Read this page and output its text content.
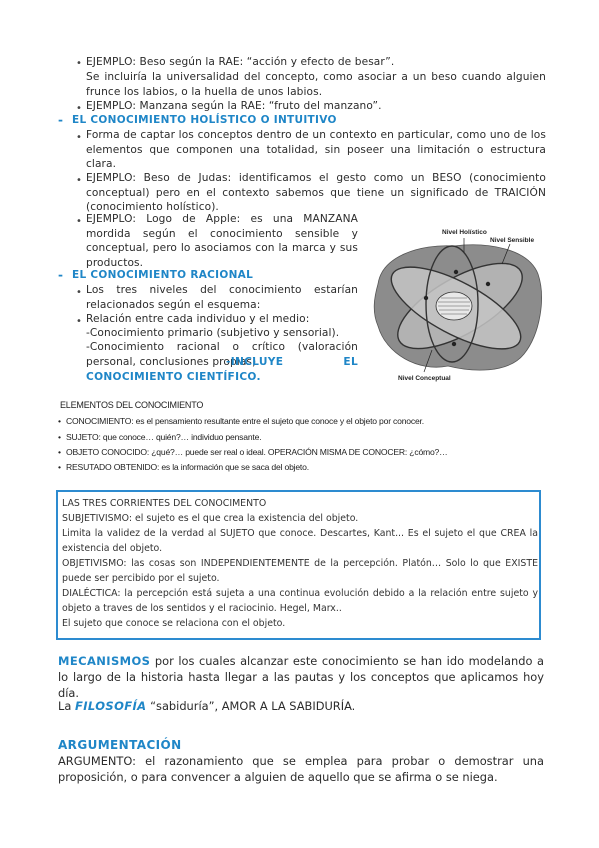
• EJEMPLO: Beso según la RAE: “acción y efecto de besar”.
Se incluiría la universalidad del concepto, como asociar a un beso cuando alguien frunce los labios, o la huella de unos labios.
• EJEMPLO: Manzana según la RAE: “fruto del manzano”.
- EL CONOCIMIENTO HOLÍSTICO O INTUITIVO
• Forma de captar los conceptos dentro de un contexto en particular, como uno de los elementos que componen una totalidad, sin poseer una limitación o estructura clara.
• EJEMPLO: Beso de Judas: identificamos el gesto como un BESO (conocimiento conceptual) pero en el contexto sabemos que tiene un significado de TRAICIÓN (conocimiento holístico).
• EJEMPLO: Logo de Apple: es una MANZANA mordida según el conocimiento sensible y conceptual, pero lo asociamos con la marca y sus productos.
- EL CONOCIMIENTO RACIONAL
• Los tres niveles del conocimiento estarían relacionados según el esquema:
• Relación entre cada individuo y el medio:
-Conocimiento primario (subjetivo y sensorial).
-Conocimiento racional o crítico (valoración personal, conclusiones propias).
-INCLUYE EL CONOCIMIENTO CIENTÍFICO.
Nivel Holístico
Nivel Sensible
Nivel Conceptual
ELEMENTOS DEL CONOCIMIENTO
• CONOCIMIENTO: es el pensamiento resultante entre el sujeto que conoce y el objeto por conocer.
• SUJETO: que conoce… quién?… individuo pensante.
• OBJETO CONOCIDO: ¿qué?… puede ser real o ideal. OPERACIÓN MISMA DE CONOCER: ¿cómo?…
• RESUTADO OBTENIDO: es la información que se saca del objeto.
LAS TRES CORRIENTES DEL CONOCIMENTO
SUBJETIVISMO: el sujeto es el que crea la existencia del objeto.
Limita la validez de la verdad al SUJETO que conoce. Descartes, Kant... Es el sujeto el que CREA la existencia del objeto.
OBJETIVISMO: las cosas son INDEPENDIENTEMENTE de la percepción. Platón… Solo lo que EXISTE puede ser percibido por el sujeto.
DIALÉCTICA: la percepción está sujeta a una continua evolución debido a la relación entre sujeto y objeto a traves de los sentidos y el raciocinio. Hegel, Marx..
El sujeto que conoce se relaciona con el objeto.
MECANISMOS por los cuales alcanzar este conocimiento se han ido modelando a lo largo de la historia hasta llegar a las pautas y los conceptos que aplicamos hoy día.
La FILOSOFÍA “sabiduría”, AMOR A LA SABIDURÍA.
ARGUMENTACIÓN
ARGUMENTO: el razonamiento que se emplea para probar o demostrar una proposición, o para convencer a alguien de aquello que se afirma o se niega.
